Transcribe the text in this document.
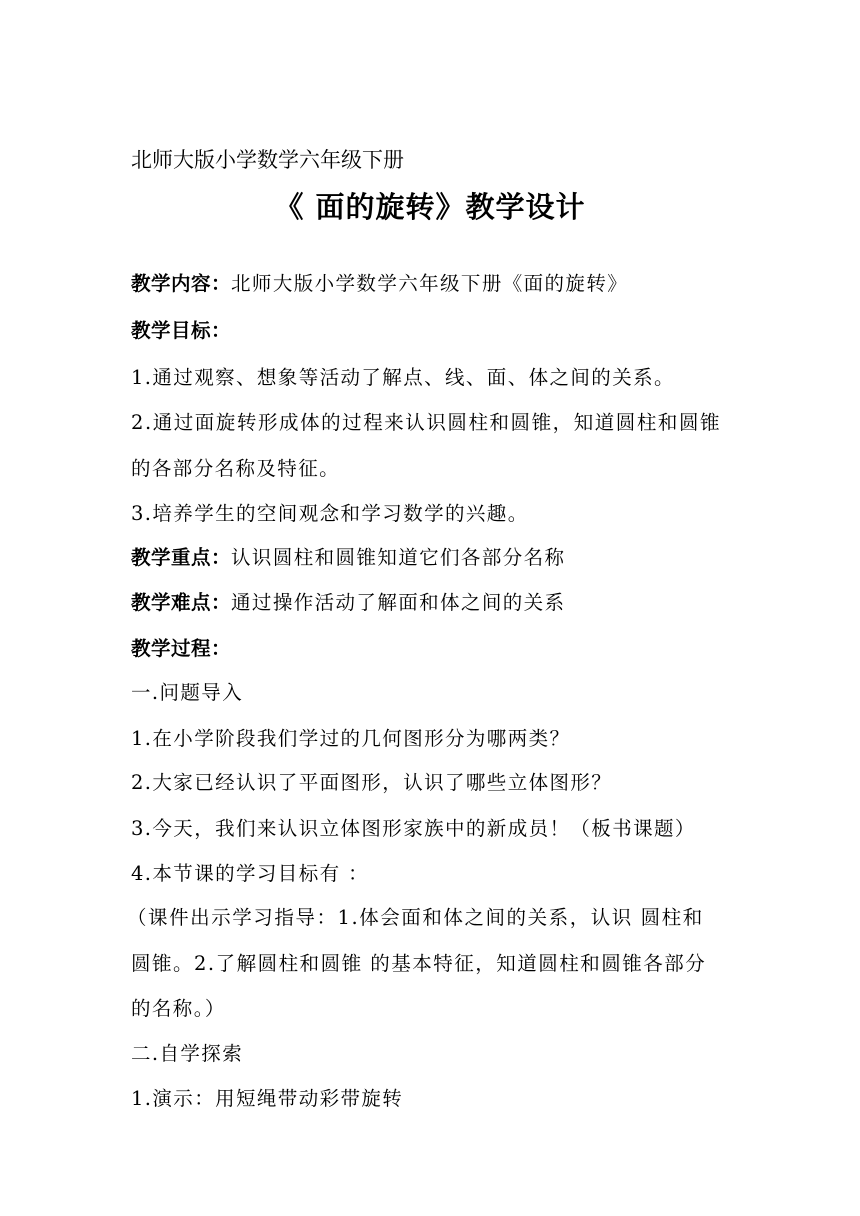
北师大版小学数学六年级下册
《 面的旋转》教学设计
教学内容：北师大版小学数学六年级下册《面的旋转》
教学目标：
1.通过观察、想象等活动了解点、线、面、体之间的关系。
2.通过面旋转形成体的过程来认识圆柱和圆锥，知道圆柱和圆锥
的各部分名称及特征。
3.培养学生的空间观念和学习数学的兴趣。
教学重点：认识圆柱和圆锥知道它们各部分名称
教学难点：通过操作活动了解面和体之间的关系
教学过程：
一.问题导入
1.在小学阶段我们学过的几何图形分为哪两类？
2.大家已经认识了平面图形，认识了哪些立体图形？
3.今天，我们来认识立体图形家族中的新成员！（板书课题）
4.本节课的学习目标有 ：
（课件出示学习指导：1.体会面和体之间的关系，认识 圆柱和
圆锥。2.了解圆柱和圆锥 的基本特征，知道圆柱和圆锥各部分
的名称。）
二.自学探索
1.演示：用短绳带动彩带旋转
